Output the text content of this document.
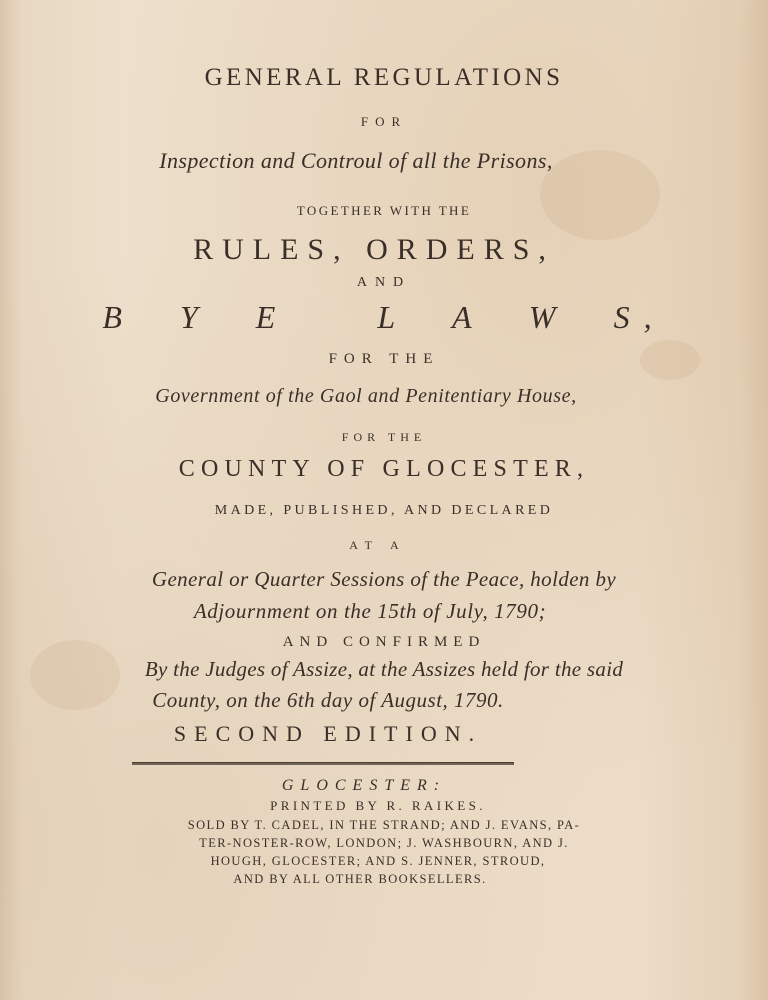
GENERAL REGULATIONS

FOR

Inspection and Controul of all the Prisons,

TOGETHER WITH THE

RULES, ORDERS,

AND

B  Y  E    L  A  W  S,

FOR THE

Government of the Gaol and Penitentiary House,

FOR THE

COUNTY OF GLOCESTER,

MADE, PUBLISHED, AND DECLARED

AT A

General or Quarter Sessions of the Peace, holden by

Adjournment on the 15th of July, 1790;

AND CONFIRMED

By the Judges of Assize, at the Assizes held for the said

County, on the 6th day of August, 1790.

SECOND EDITION.

GLOCESTER:

PRINTED BY R. RAIKES.

SOLD BY T. CADEL, IN THE STRAND; AND J. EVANS, PA-

TER-NOSTER-ROW, LONDON; J. WASHBOURN, AND J.

HOUGH, GLOCESTER; AND S. JENNER, STROUD,

AND BY ALL OTHER BOOKSELLERS.
